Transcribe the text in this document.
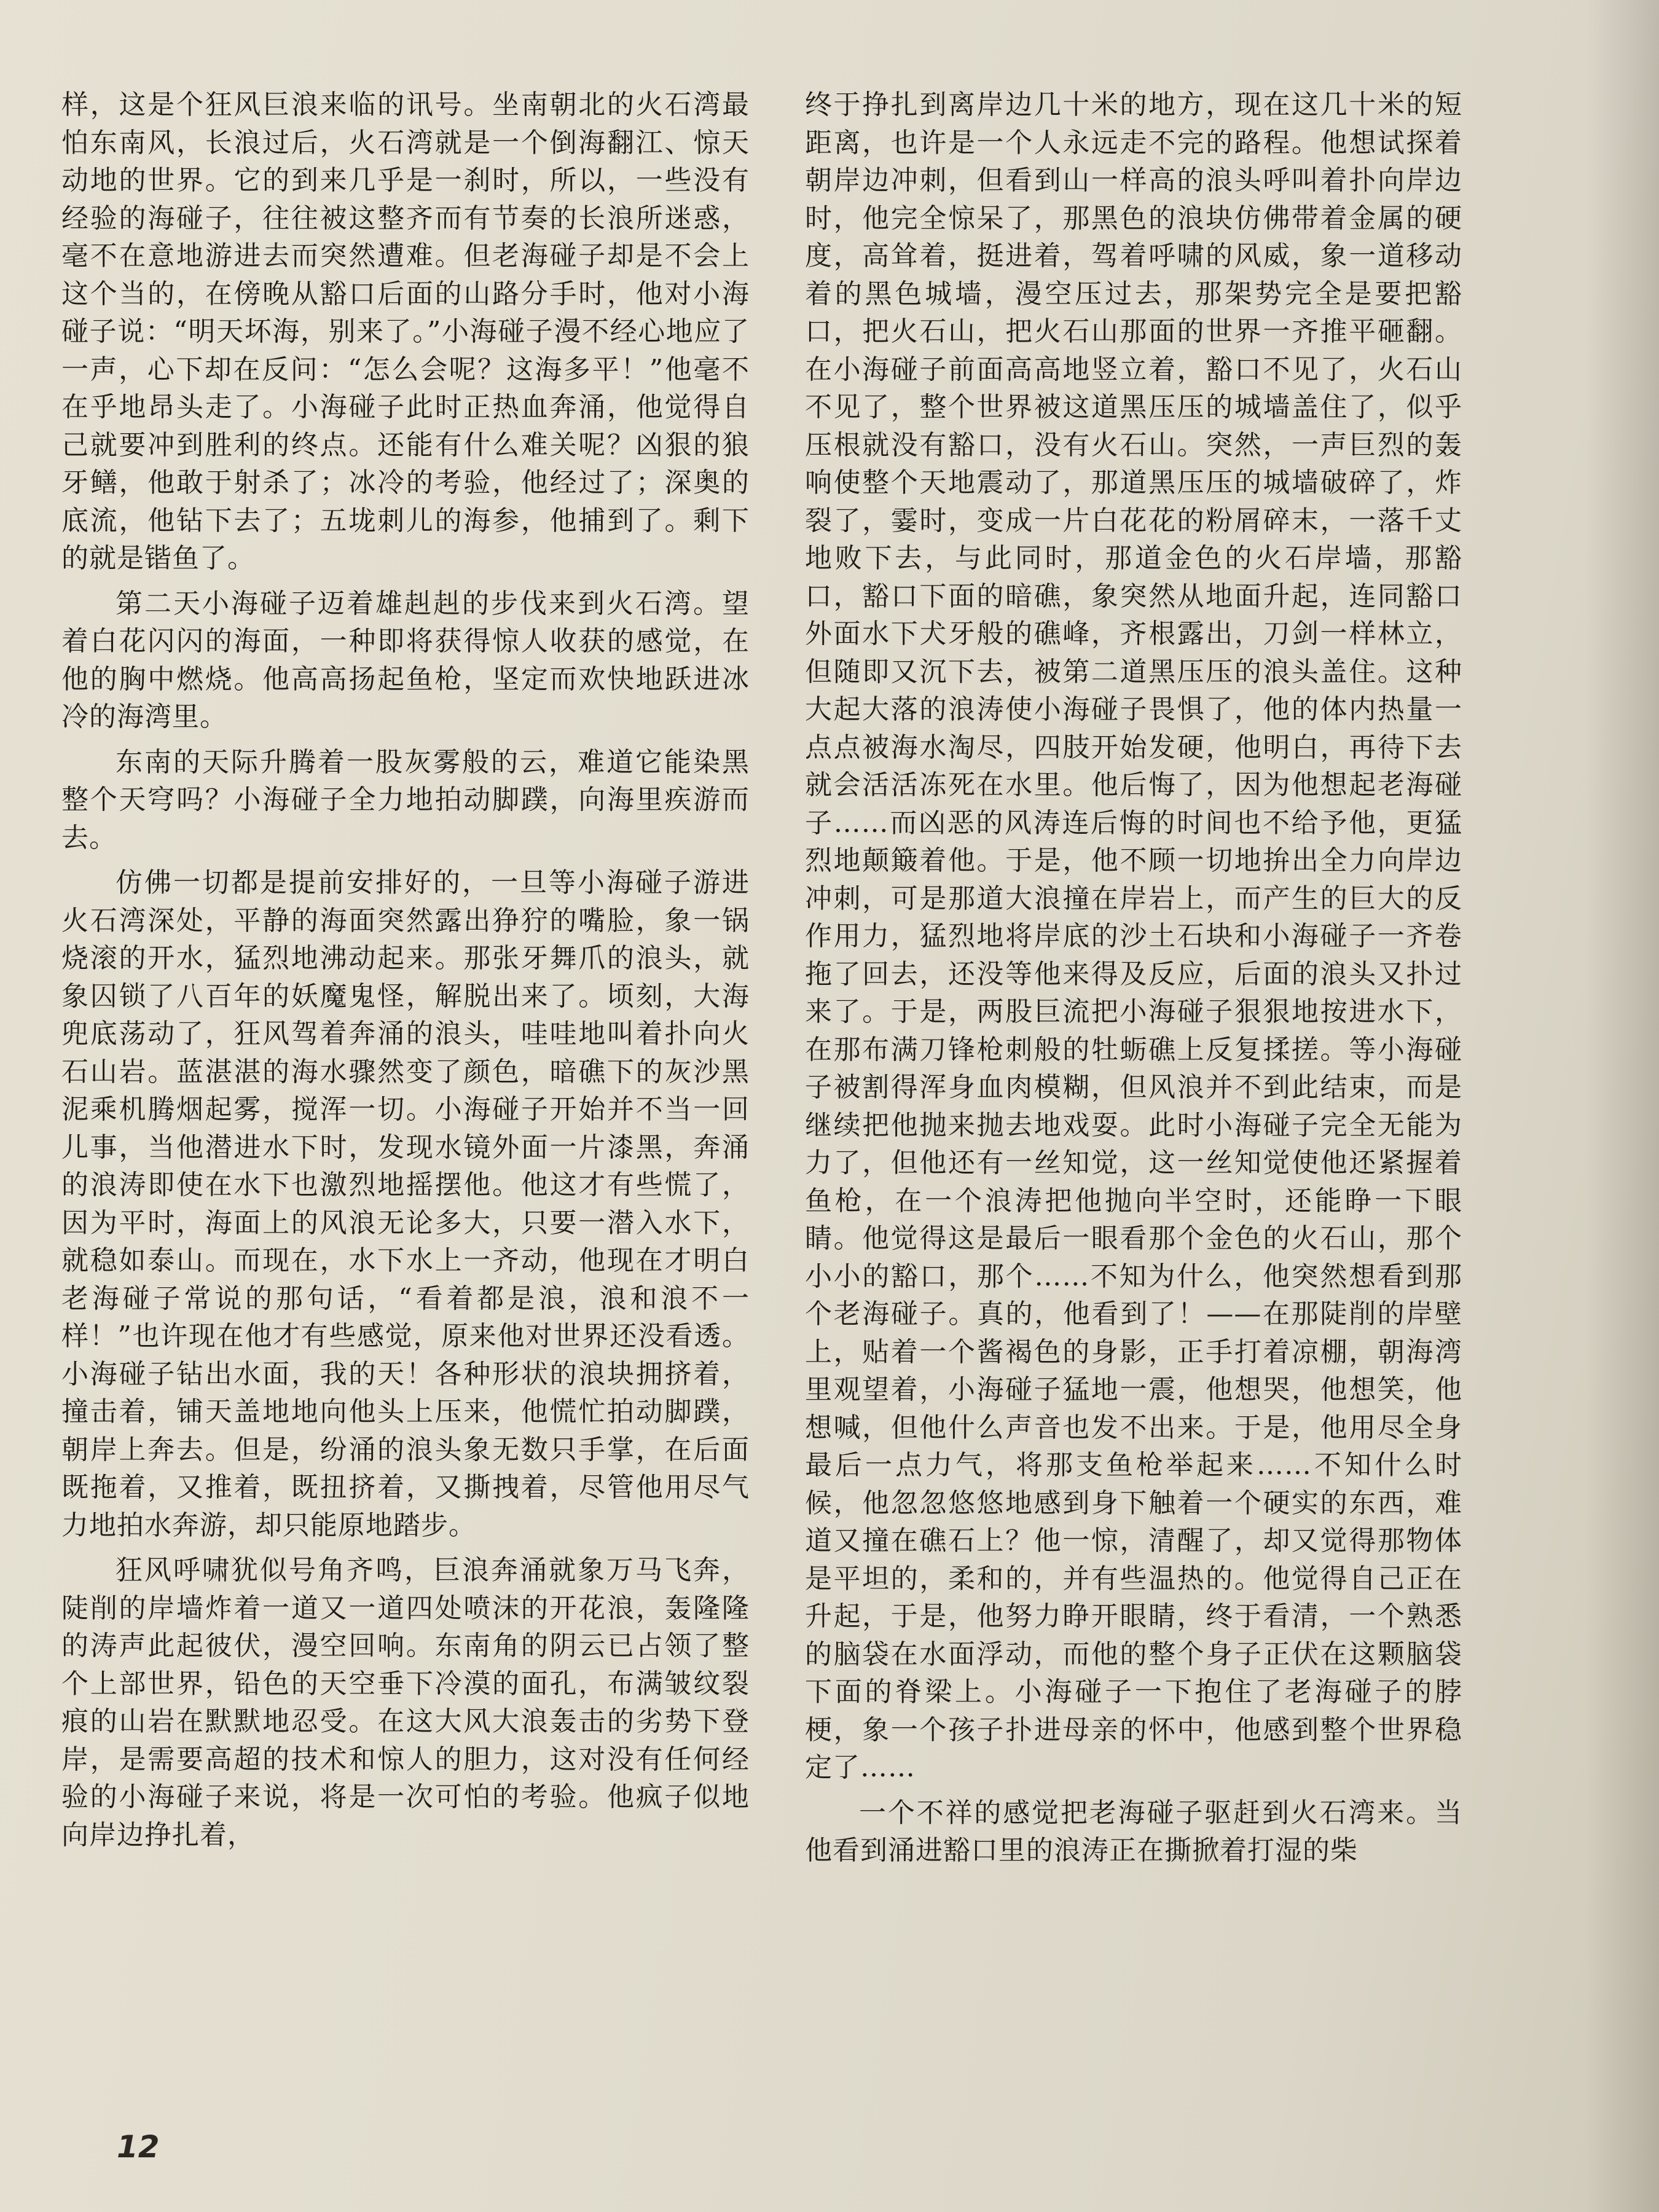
样，这是个狂风巨浪来临的讯号。坐南朝北的火石湾最怕东南风，长浪过后，火石湾就是一个倒海翻江、惊天动地的世界。它的到来几乎是一刹时，所以，一些没有经验的海碰子，往往被这整齐而有节奏的长浪所迷惑，毫不在意地游进去而突然遭难。但老海碰子却是不会上这个当的，在傍晚从豁口后面的山路分手时，他对小海碰子说：“明天坏海，别来了。”小海碰子漫不经心地应了一声，心下却在反问：“怎么会呢？这海多平！”他毫不在乎地昂头走了。小海碰子此时正热血奔涌，他觉得自己就要冲到胜利的终点。还能有什么难关呢？凶狠的狼牙鳝，他敢于射杀了；冰冷的考验，他经过了；深奥的底流，他钻下去了；五垅刺儿的海参，他捕到了。剩下的就是锴鱼了。

第二天小海碰子迈着雄赳赳的步伐来到火石湾。望着白花闪闪的海面，一种即将获得惊人收获的感觉，在他的胸中燃烧。他高高扬起鱼枪，坚定而欢快地跃进冰冷的海湾里。

东南的天际升腾着一股灰雾般的云，难道它能染黑整个天穹吗？小海碰子全力地拍动脚蹼，向海里疾游而去。

仿佛一切都是提前安排好的，一旦等小海碰子游进火石湾深处，平静的海面突然露出狰狞的嘴脸，象一锅烧滚的开水，猛烈地沸动起来。那张牙舞爪的浪头，就象囚锁了八百年的妖魔鬼怪，解脱出来了。顷刻，大海兜底荡动了，狂风驾着奔涌的浪头，哇哇地叫着扑向火石山岩。蓝湛湛的海水骤然变了颜色，暗礁下的灰沙黑泥乘机腾烟起雾，搅浑一切。小海碰子开始并不当一回儿事，当他潜进水下时，发现水镜外面一片漆黑，奔涌的浪涛即使在水下也激烈地摇摆他。他这才有些慌了，因为平时，海面上的风浪无论多大，只要一潜入水下，就稳如泰山。而现在，水下水上一齐动，他现在才明白老海碰子常说的那句话，“看着都是浪，浪和浪不一样！”也许现在他才有些感觉，原来他对世界还没看透。小海碰子钻出水面，我的天！各种形状的浪块拥挤着，撞击着，铺天盖地地向他头上压来，他慌忙拍动脚蹼，朝岸上奔去。但是，纷涌的浪头象无数只手掌，在后面既拖着，又推着，既扭挤着，又撕拽着，尽管他用尽气力地拍水奔游，却只能原地踏步。

狂风呼啸犹似号角齐鸣，巨浪奔涌就象万马飞奔，陡削的岸墙炸着一道又一道四处喷沫的开花浪，轰隆隆的涛声此起彼伏，漫空回响。东南角的阴云已占领了整个上部世界，铅色的天空垂下冷漠的面孔，布满皱纹裂痕的山岩在默默地忍受。在这大风大浪轰击的劣势下登岸，是需要高超的技术和惊人的胆力，这对没有任何经验的小海碰子来说，将是一次可怕的考验。他疯子似地向岸边挣扎着，

终于挣扎到离岸边几十米的地方，现在这几十米的短距离，也许是一个人永远走不完的路程。他想试探着朝岸边冲刺，但看到山一样高的浪头呼叫着扑向岸边时，他完全惊呆了，那黑色的浪块仿佛带着金属的硬度，高耸着，挺进着，驾着呼啸的风威，象一道移动着的黑色城墙，漫空压过去，那架势完全是要把豁口，把火石山，把火石山那面的世界一齐推平砸翻。在小海碰子前面高高地竖立着，豁口不见了，火石山不见了，整个世界被这道黑压压的城墙盖住了，似乎压根就没有豁口，没有火石山。突然，一声巨烈的轰响使整个天地震动了，那道黑压压的城墙破碎了，炸裂了，霎时，变成一片白花花的粉屑碎末，一落千丈地败下去，与此同时，那道金色的火石岸墙，那豁口，豁口下面的暗礁，象突然从地面升起，连同豁口外面水下犬牙般的礁峰，齐根露出，刀剑一样林立，但随即又沉下去，被第二道黑压压的浪头盖住。这种大起大落的浪涛使小海碰子畏惧了，他的体内热量一点点被海水淘尽，四肢开始发硬，他明白，再待下去就会活活冻死在水里。他后悔了，因为他想起老海碰子……而凶恶的风涛连后悔的时间也不给予他，更猛烈地颠簸着他。于是，他不顾一切地拚出全力向岸边冲刺，可是那道大浪撞在岸岩上，而产生的巨大的反作用力，猛烈地将岸底的沙土石块和小海碰子一齐卷拖了回去，还没等他来得及反应，后面的浪头又扑过来了。于是，两股巨流把小海碰子狠狠地按进水下，在那布满刀锋枪刺般的牡蛎礁上反复揉搓。等小海碰子被割得浑身血肉模糊，但风浪并不到此结束，而是继续把他抛来抛去地戏耍。此时小海碰子完全无能为力了，但他还有一丝知觉，这一丝知觉使他还紧握着鱼枪，在一个浪涛把他抛向半空时，还能睁一下眼睛。他觉得这是最后一眼看那个金色的火石山，那个小小的豁口，那个……不知为什么，他突然想看到那个老海碰子。真的，他看到了！——在那陡削的岸壁上，贴着一个酱褐色的身影，正手打着凉棚，朝海湾里观望着，小海碰子猛地一震，他想哭，他想笑，他想喊，但他什么声音也发不出来。于是，他用尽全身最后一点力气，将那支鱼枪举起来……不知什么时候，他忽忽悠悠地感到身下触着一个硬实的东西，难道又撞在礁石上？他一惊，清醒了，却又觉得那物体是平坦的，柔和的，并有些温热的。他觉得自己正在升起，于是，他努力睁开眼睛，终于看清，一个熟悉的脑袋在水面浮动，而他的整个身子正伏在这颗脑袋下面的脊梁上。小海碰子一下抱住了老海碰子的脖梗，象一个孩子扑进母亲的怀中，他感到整个世界稳定了……

一个不祥的感觉把老海碰子驱赶到火石湾来。当他看到涌进豁口里的浪涛正在撕掀着打湿的柴

12
